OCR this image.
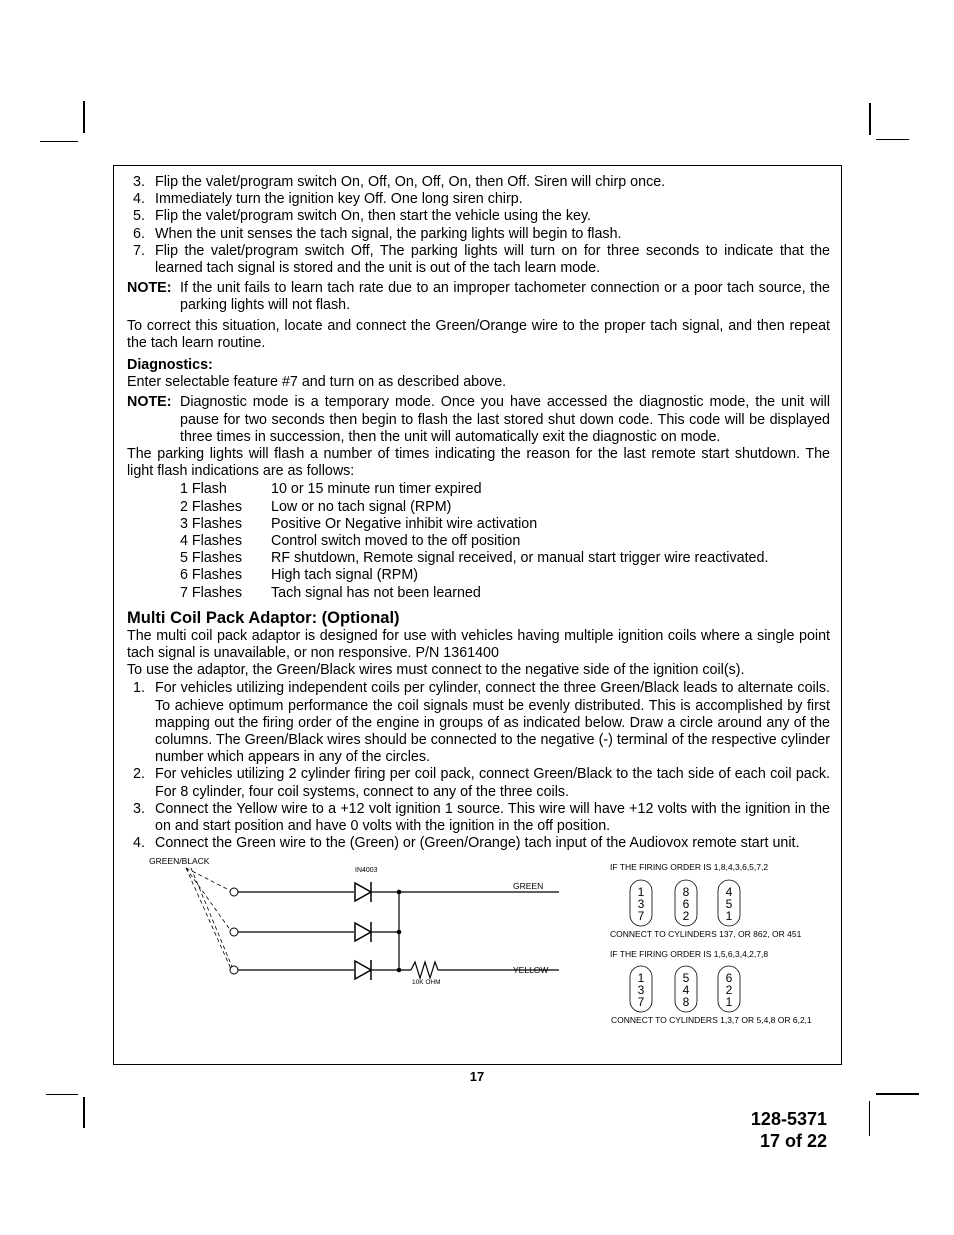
3. Flip the valet/program switch On, Off, On, Off, On, then Off. Siren will chirp once.
4. Immediately turn the ignition key Off. One long siren chirp.
5. Flip the valet/program switch On, then start the vehicle using the key.
6. When the unit senses the tach signal, the parking lights will begin to flash.
7. Flip the valet/program switch Off, The parking lights will turn on for three seconds to indicate that the learned tach signal is stored and the unit is out of the tach learn mode.
NOTE: If the unit fails to learn tach rate due to an improper tachometer connection or a poor tach source, the parking lights will not flash.
To correct this situation, locate and connect the Green/Orange wire to the proper tach signal, and then repeat the tach learn routine.
Diagnostics:
Enter selectable feature #7 and turn on as described above.
NOTE: Diagnostic mode is a temporary mode. Once you have accessed the diagnostic mode, the unit will pause for two seconds then begin to flash the last stored shut down code. This code will be displayed three times in succession, then the unit will automatically exit the diagnostic on mode.
The parking lights will flash a number of times indicating the reason for the last remote start shutdown. The light flash indications are as follows:
1 Flash	10 or 15 minute run timer expired
2 Flashes Low or no tach signal (RPM)
3 Flashes Positive Or Negative inhibit wire activation
4 Flashes Control switch moved to the off position
5 Flashes RF shutdown, Remote signal received, or manual start trigger wire reactivated.
6 Flashes High tach signal (RPM)
7 Flashes Tach signal has not been learned
Multi Coil Pack Adaptor: (Optional)
The multi coil pack adaptor is designed for use with vehicles having multiple ignition coils where a single point tach signal is unavailable, or non responsive. P/N 1361400
To use the adaptor, the Green/Black wires must connect to the negative side of the ignition coil(s).
1. For vehicles utilizing independent coils per cylinder, connect the three Green/Black leads to alternate coils. To achieve optimum performance the coil signals must be evenly distributed. This is accomplished by first mapping out the firing order of the engine in groups of as indicated below. Draw a circle around any of the columns. The Green/Black wires should be connected to the negative (-) terminal of the respective cylinder number which appears in any of the circles.
2. For vehicles utilizing 2 cylinder firing per coil pack, connect Green/Black to the tach side of each coil pack. For 8 cylinder, four coil systems, connect to any of the three coils.
3. Connect the Yellow wire to a +12 volt ignition 1 source. This wire will have +12 volts with the ignition in the on and start position and have 0 volts with the ignition in the off position.
4. Connect the Green wire to the (Green) or (Green/Orange) tach input of the Audiovox remote start unit.
GREEN/BLACK
IN4003
GREEN
YELLOW
10K OHM
IF THE FIRING ORDER IS 1,8,4,3,6,5,7,2
1
3
7
8
6
2
4
5
1
CONNECT TO CYLINDERS 137, OR 862, OR 451
IF THE FIRING ORDER IS 1,5,6,3,4,2,7,8
1
3
7
5
4
8
6
2
1
CONNECT TO CYLINDERS 1,3,7 OR 5,4,8 OR 6,2,1
17
128-5371
17 of 22
